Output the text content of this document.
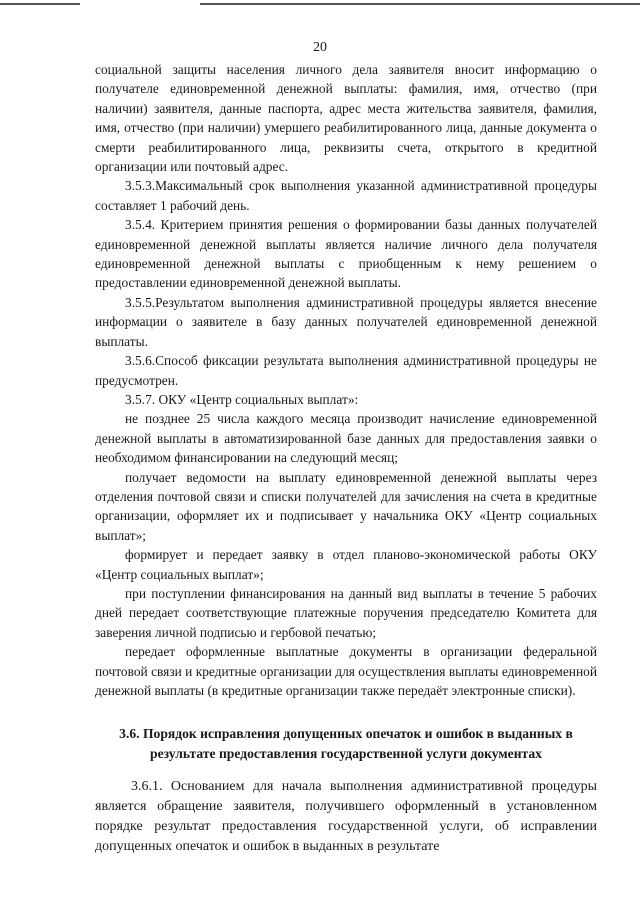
20

социальной защиты населения личного дела заявителя вносит информацию о получателе единовременной денежной выплаты: фамилия, имя, отчество (при наличии) заявителя, данные паспорта, адрес места жительства заявителя, фамилия, имя, отчество (при наличии) умершего реабилитированного лица, данные документа о смерти реабилитированного лица, реквизиты счета, открытого в кредитной организации или почтовый адрес.

3.5.3.Максимальный срок выполнения указанной административной процедуры составляет 1 рабочий день.

3.5.4. Критерием принятия решения о формировании базы данных получателей единовременной денежной выплаты является наличие личного дела получателя единовременной денежной выплаты с приобщенным к нему решением о предоставлении единовременной денежной выплаты.

3.5.5.Результатом выполнения административной процедуры является внесение информации о заявителе в базу данных получателей единовременной денежной выплаты.

3.5.6.Способ фиксации результата выполнения административной процедуры не предусмотрен.

3.5.7. ОКУ «Центр социальных выплат»:

не позднее 25 числа каждого месяца производит начисление единовременной денежной выплаты в автоматизированной базе данных для предоставления заявки о необходимом финансировании на следующий месяц;

получает ведомости на выплату единовременной денежной выплаты через отделения почтовой связи и списки получателей для зачисления на счета в кредитные организации, оформляет их и подписывает у начальника ОКУ «Центр социальных выплат»;

формирует и передает заявку в отдел планово-экономической работы ОКУ «Центр социальных выплат»;

при поступлении финансирования на данный вид выплаты в течение 5 рабочих дней передает соответствующие платежные поручения председателю Комитета для заверения личной подписью и гербовой печатью;

передает оформленные выплатные документы в организации федеральной почтовой связи и кредитные организации для осуществления выплаты единовременной денежной выплаты (в кредитные организации также передаёт электронные списки).

3.6. Порядок исправления допущенных опечаток и ошибок в выданных в результате предоставления государственной услуги документах

3.6.1. Основанием для начала выполнения административной процедуры является обращение заявителя, получившего оформленный в установленном порядке результат предоставления государственной услуги, об исправлении допущенных опечаток и ошибок в выданных в результате
